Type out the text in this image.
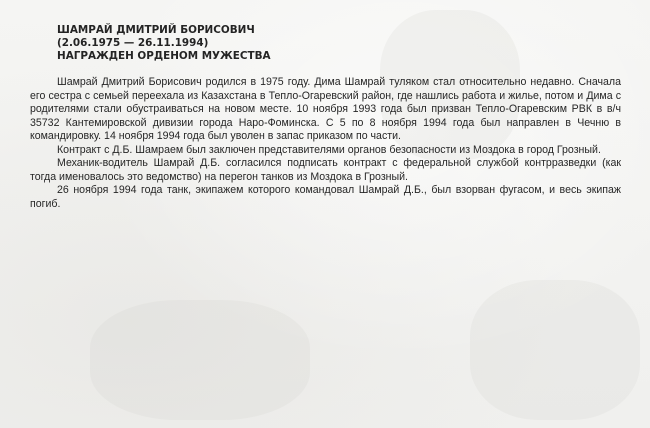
ШАМРАЙ ДМИТРИЙ БОРИСОВИЧ
(2.06.1975 — 26.11.1994)
НАГРАЖДЕН ОРДЕНОМ МУЖЕСТВА

Шамрай Дмитрий Борисович родился в 1975 году. Дима Шамрай туляком стал относительно недавно. Сначала его сестра с семьей переехала из Казахстана в Тепло-Огаревский район, где нашлись работа и жилье, потом и Дима с родителями стали обустраиваться на новом месте. 10 ноября 1993 года был призван Тепло-Огаревским РВК в в/ч 35732 Кантемировской дивизии города Наро-Фоминска. С 5 по 8 ноября 1994 года был направлен в Чечню в командировку. 14 ноября 1994 года был уволен в запас приказом по части.

Контракт с Д.Б. Шамраем был заключен представителями органов безопасности из Моздока в город Грозный.

Механик-водитель Шамрай Д.Б. согласился подписать контракт с федеральной службой контрразведки (как тогда именовалось это ведомство) на перегон танков из Моздока в Грозный.

26 ноября 1994 года танк, экипажем которого командовал Шамрай Д.Б., был взорван фугасом, и весь экипаж погиб.
